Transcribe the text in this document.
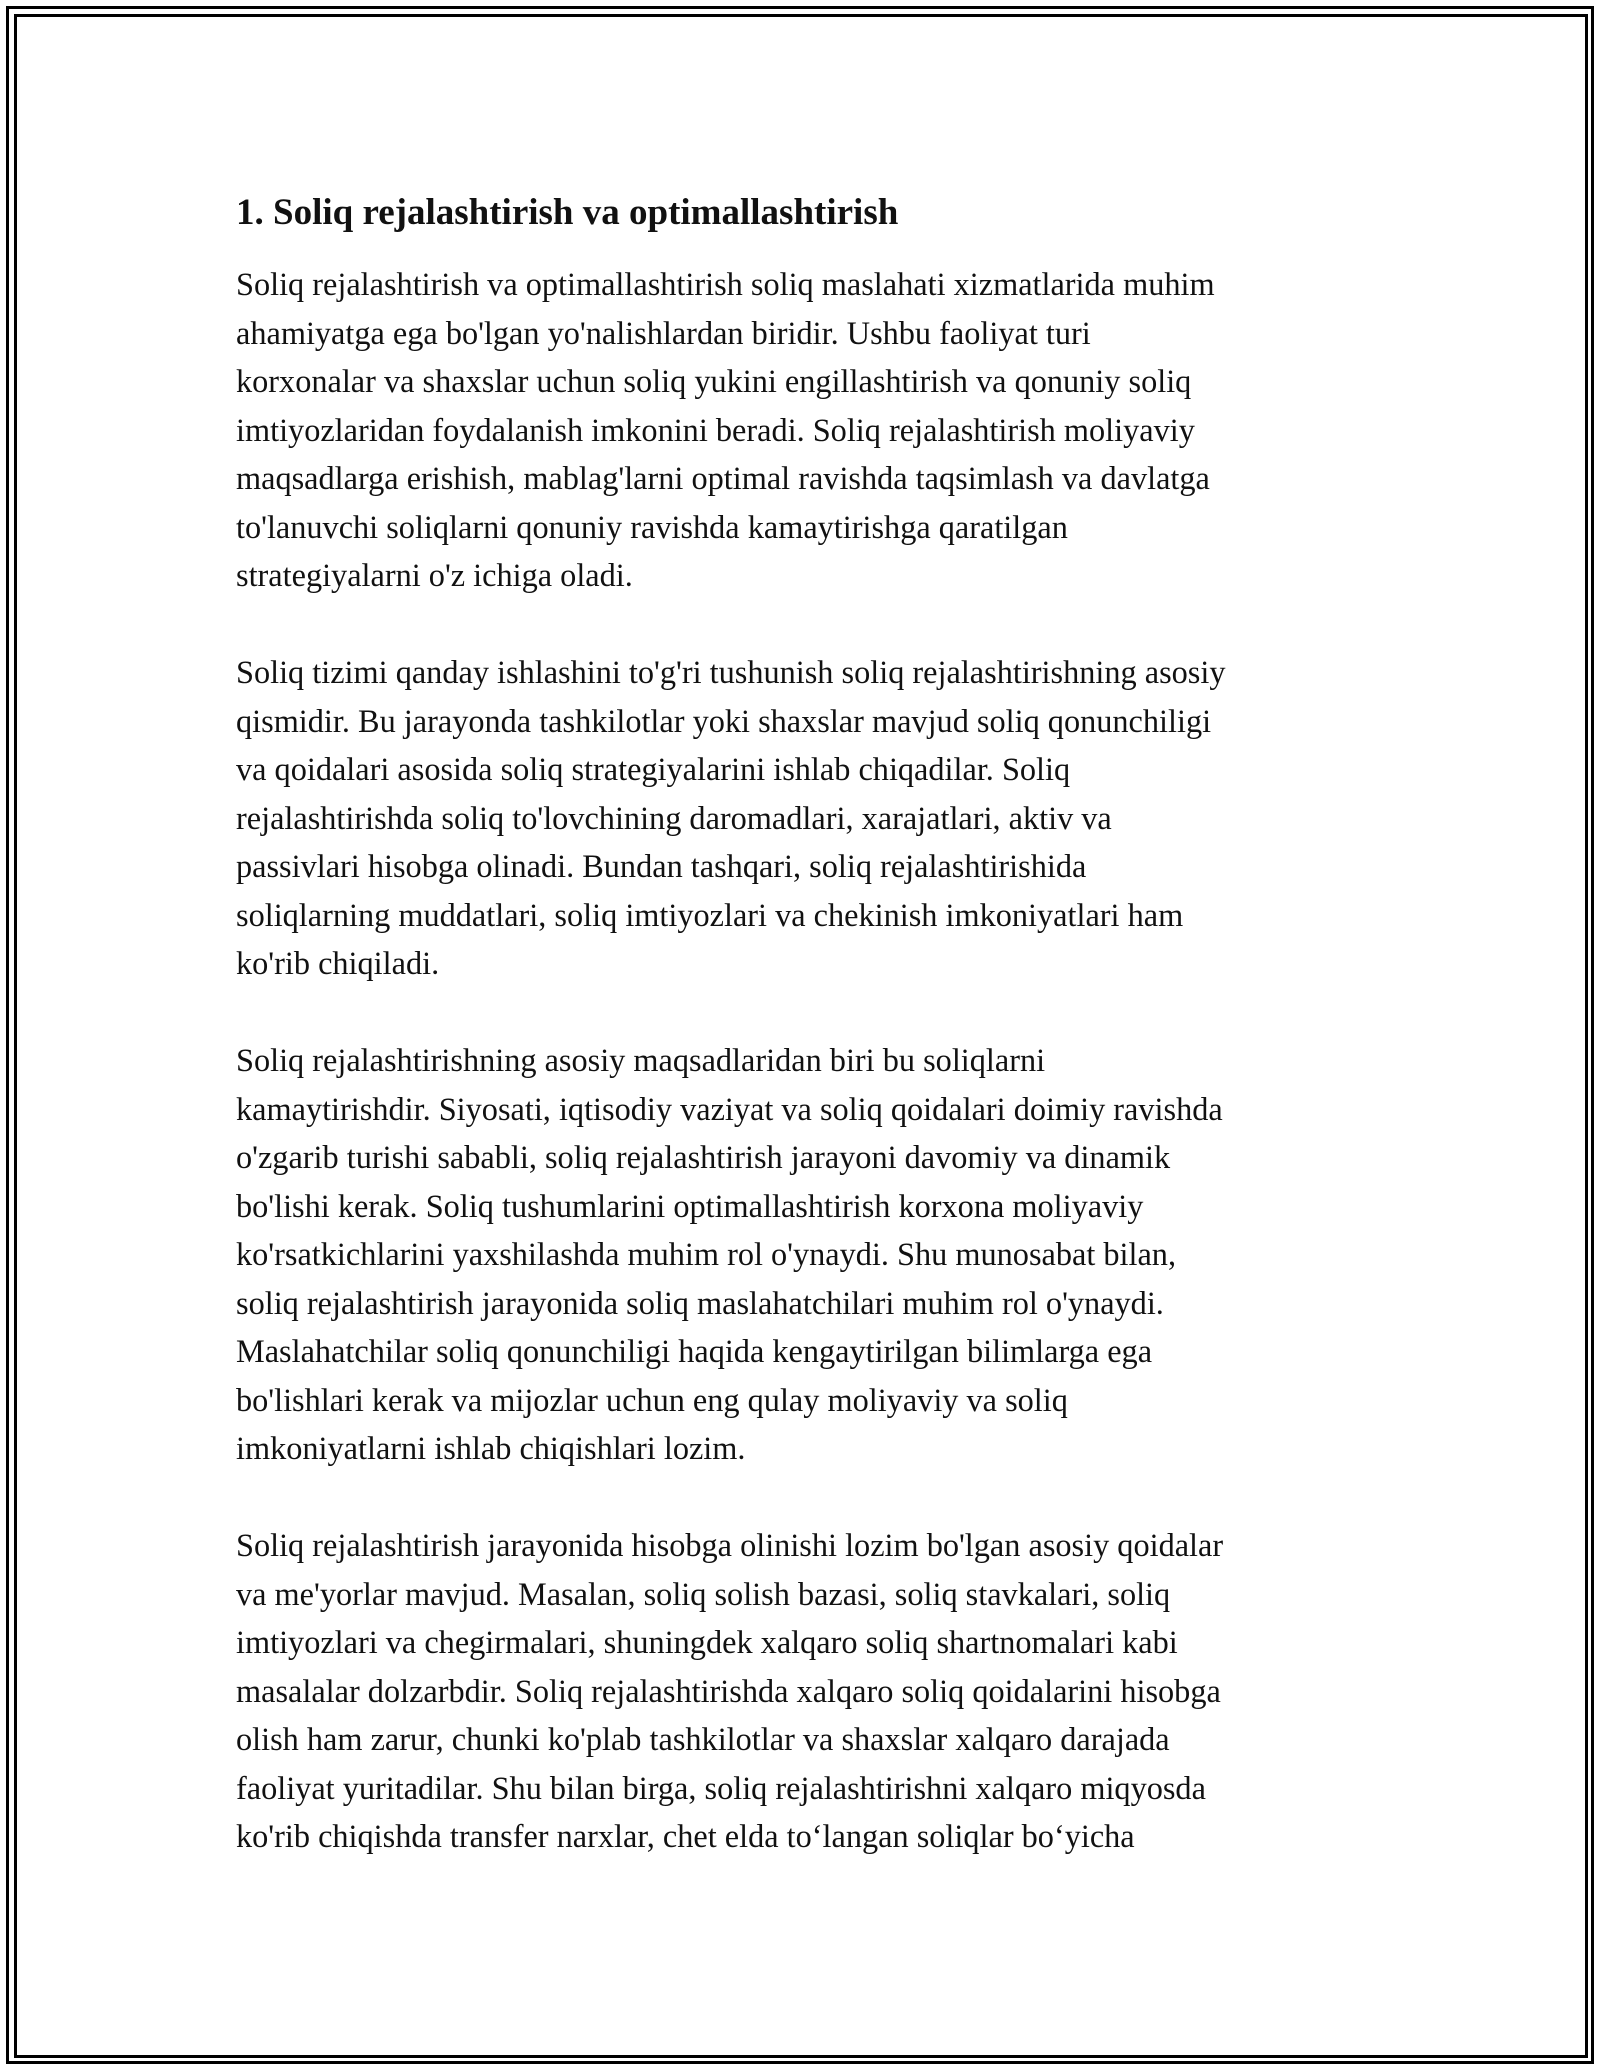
1. Soliq rejalashtirish va optimallashtirish
Soliq rejalashtirish va optimallashtirish soliq maslahati xizmatlarida muhim
ahamiyatga ega bo'lgan yo'nalishlardan biridir. Ushbu faoliyat turi
korxonalar va shaxslar uchun soliq yukini engillashtirish va qonuniy soliq
imtiyozlaridan foydalanish imkonini beradi. Soliq rejalashtirish moliyaviy
maqsadlarga erishish, mablag'larni optimal ravishda taqsimlash va davlatga
to'lanuvchi soliqlarni qonuniy ravishda kamaytirishga qaratilgan
strategiyalarni o'z ichiga oladi.
Soliq tizimi qanday ishlashini to'g'ri tushunish soliq rejalashtirishning asosiy
qismidir. Bu jarayonda tashkilotlar yoki shaxslar mavjud soliq qonunchiligi
va qoidalari asosida soliq strategiyalarini ishlab chiqadilar. Soliq
rejalashtirishda soliq to'lovchining daromadlari, xarajatlari, aktiv va
passivlari hisobga olinadi. Bundan tashqari, soliq rejalashtirishida
soliqlarning muddatlari, soliq imtiyozlari va chekinish imkoniyatlari ham
ko'rib chiqiladi.
Soliq rejalashtirishning asosiy maqsadlaridan biri bu soliqlarni
kamaytirishdir. Siyosati, iqtisodiy vaziyat va soliq qoidalari doimiy ravishda
o'zgarib turishi sababli, soliq rejalashtirish jarayoni davomiy va dinamik
bo'lishi kerak. Soliq tushumlarini optimallashtirish korxona moliyaviy
ko'rsatkichlarini yaxshilashda muhim rol o'ynaydi. Shu munosabat bilan,
soliq rejalashtirish jarayonida soliq maslahatchilari muhim rol o'ynaydi.
Maslahatchilar soliq qonunchiligi haqida kengaytirilgan bilimlarga ega
bo'lishlari kerak va mijozlar uchun eng qulay moliyaviy va soliq
imkoniyatlarni ishlab chiqishlari lozim.
Soliq rejalashtirish jarayonida hisobga olinishi lozim bo'lgan asosiy qoidalar
va me'yorlar mavjud. Masalan, soliq solish bazasi, soliq stavkalari, soliq
imtiyozlari va chegirmalari, shuningdek xalqaro soliq shartnomalari kabi
masalalar dolzarbdir. Soliq rejalashtirishda xalqaro soliq qoidalarini hisobga
olish ham zarur, chunki ko'plab tashkilotlar va shaxslar xalqaro darajada
faoliyat yuritadilar. Shu bilan birga, soliq rejalashtirishni xalqaro miqyosda
ko'rib chiqishda transfer narxlar, chet elda to‘langan soliqlar bo‘yicha
